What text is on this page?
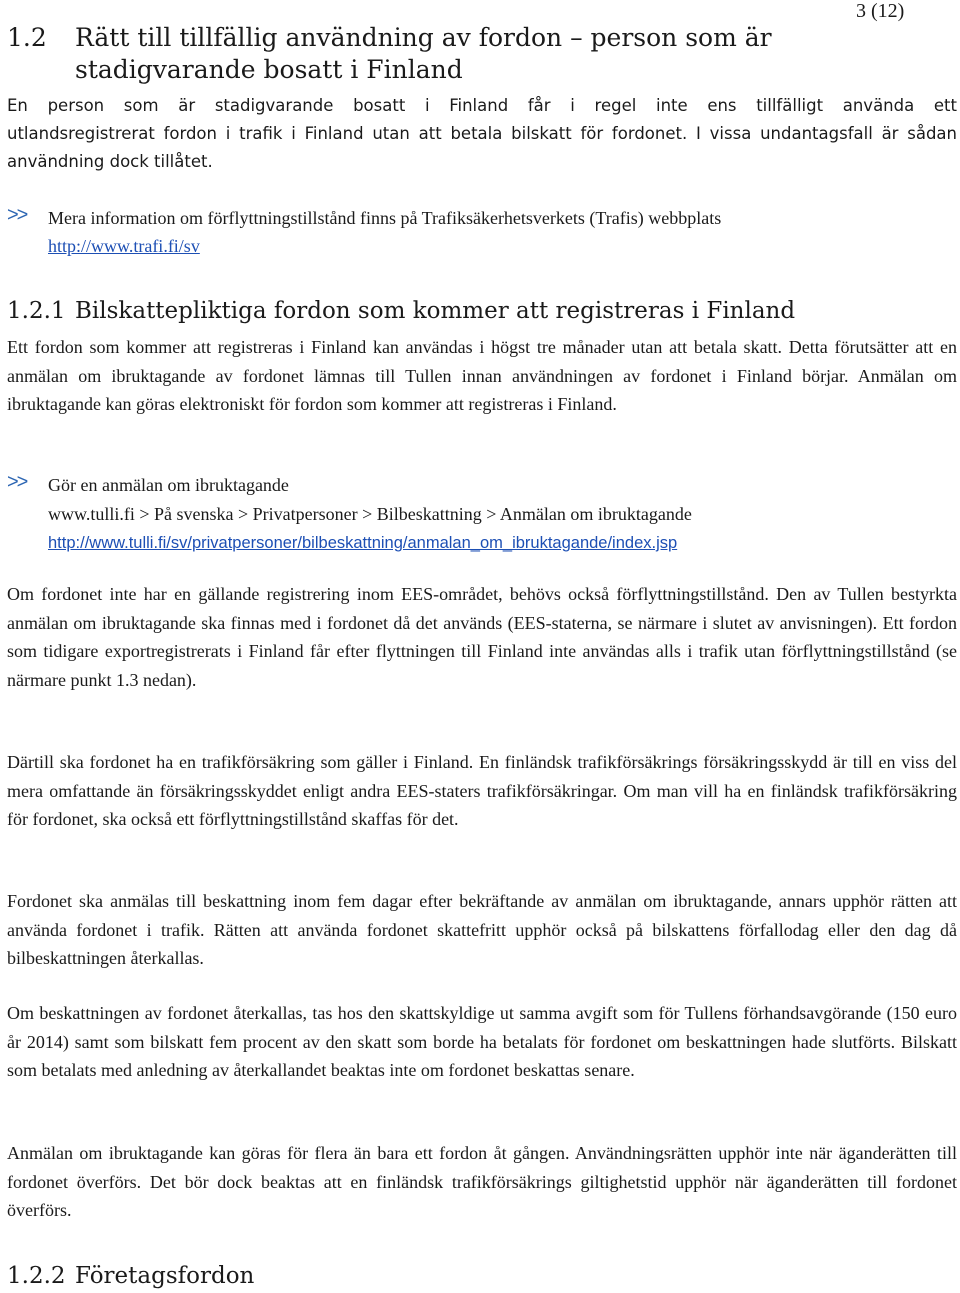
3 (12)
1.2 Rätt till tillfällig användning av fordon – person som är stadigvarande bosatt i Finland

En person som är stadigvarande bosatt i Finland får i regel inte ens tillfälligt använda ett

utlandsregistrerat fordon i trafik i Finland utan att betala bilskatt för fordonet. I vissa undantagsfall är sådan användning dock tillåtet.

>>	Mera information om förflyttningstillstånd finns på Trafiksäkerhetsverkets (Trafis) webbplats
http://www.trafi.fi/sv
1.2.1 Bilskattepliktiga fordon som kommer att registreras i Finland

Ett fordon som kommer att registreras i Finland kan användas i högst tre månader utan att betala skatt. Detta förutsätter att en anmälan om ibruktagande av fordonet lämnas till Tullen innan användningen av fordonet i Finland börjar. Anmälan om ibruktagande kan göras elektroniskt för fordon som kommer att registreras i Finland.

>> Gör en anmälan om ibruktagande
www.tulli.fi > På svenska > Privatpersoner > Bilbeskattning > Anmälan om ibruktagande
http://www.tulli.fi/sv/privatpersoner/bilbeskattning/anmalan_om_ibruktagande/index.jsp

Om fordonet inte har en gällande registrering inom EES-området, behövs också förflyttningstillstånd. Den av Tullen bestyrkta anmälan om ibruktagande ska finnas med i fordonet då det används (EES-staterna, se närmare i slutet av anvisningen). Ett fordon som tidigare exportregistrerats i Finland får efter flyttningen till Finland inte användas alls i trafik utan förflyttningstillstånd (se närmare punkt 1.3 nedan).

Därtill ska fordonet ha en trafikförsäkring som gäller i Finland. En finländsk trafikförsäkrings försäkringsskydd är till en viss del mera omfattande än försäkringsskyddet enligt andra EES-staters trafikförsäkringar. Om man vill ha en finländsk trafikförsäkring för fordonet, ska också ett förflyttningstillstånd skaffas för det.

Fordonet ska anmälas till beskattning inom fem dagar efter bekräftande av anmälan om ibruktagande, annars upphör rätten att använda fordonet i trafik. Rätten att använda fordonet skattefritt upphör också på bilskattens förfallodag eller den dag då bilbeskattningen återkallas.

Om beskattningen av fordonet återkallas, tas hos den skattskyldige ut samma avgift som för Tullens förhandsavgörande (150 euro år 2014) samt som bilskatt fem procent av den skatt som borde ha betalats för fordonet om beskattningen hade slutförts. Bilskatt som betalats med anledning av återkallandet beaktas inte om fordonet beskattas senare.

Anmälan om ibruktagande kan göras för flera än bara ett fordon åt gången. Användningsrätten upphör inte när äganderätten till fordonet överförs. Det bör dock beaktas att en finländsk trafikförsäkrings giltighetstid upphör när äganderätten till fordonet överförs.

1.2.2 Företagsfordon
